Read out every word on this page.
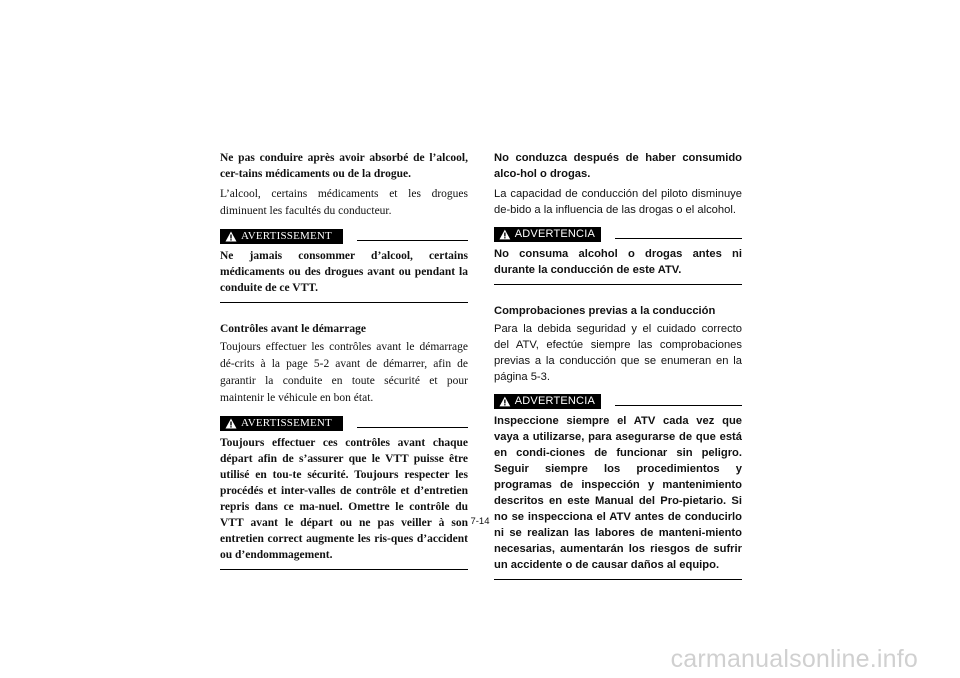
Ne pas conduire après avoir absorbé de l’alcool, cer-tains médicaments ou de la drogue.

L’alcool, certains médicaments et les drogues diminuent les facultés du conducteur.

AVERTISSEMENT

Ne jamais consommer d’alcool, certains médicaments ou des drogues avant ou pendant la conduite de ce VTT.

Contrôles avant le démarrage

Toujours effectuer les contrôles avant le démarrage dé-crits à la page 5-2 avant de démarrer, afin de garantir la conduite en toute sécurité et pour maintenir le véhicule en bon état.

AVERTISSEMENT

Toujours effectuer ces contrôles avant chaque départ afin de s’assurer que le VTT puisse être utilisé en tou-te sécurité. Toujours respecter les procédés et inter-valles de contrôle et d’entretien repris dans ce ma-nuel. Omettre le contrôle du VTT avant le départ ou ne pas veiller à son entretien correct augmente les ris-ques d’accident ou d’endommagement.

No conduzca después de haber consumido alco-hol o drogas.

La capacidad de conducción del piloto disminuye de-bido a la influencia de las drogas o el alcohol.

ADVERTENCIA

No consuma alcohol o drogas antes ni durante la conducción de este ATV.

Comprobaciones previas a la conducción

Para la debida seguridad y el cuidado correcto del ATV, efectúe siempre las comprobaciones previas a la conducción que se enumeran en la página 5-3.

ADVERTENCIA

Inspeccione siempre el ATV cada vez que vaya a utilizarse, para asegurarse de que está en condi-ciones de funcionar sin peligro. Seguir siempre los procedimientos y programas de inspección y mantenimiento descritos en este Manual del Pro-pietario. Si no se inspecciona el ATV antes de conducirlo ni se realizan las labores de manteni-miento necesarias, aumentarán los riesgos de sufrir un accidente o de causar daños al equipo.

7-14
carmanualsonline.info
